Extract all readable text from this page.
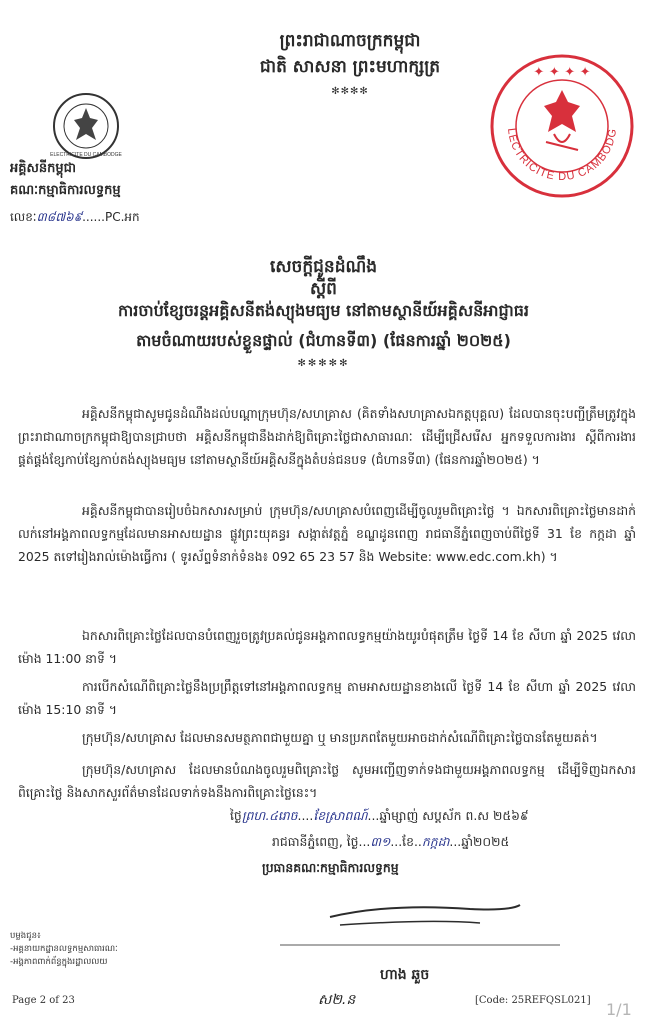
ព្រះរាជាណាចក្រកម្ពុជា
ជាតិ សាសនា ព្រះមហាក្សត្រ
✻✻✻✻
ELECTRICITE DU CAMBODGE
អគ្គិសនីកម្ពុជា
គណៈកម្មាធិការលទ្ធកម្ម
លេខៈ៣៨៧៦៩......PC.អក
LECTRICITE DU CAMBODG
✦ ✦ ✦ ✦
សេចក្តីជូនដំណឹង
ស្តីពី
ការចាប់ខ្សែចរន្តអគ្គិសនីតង់ស្យុងមធ្យម នៅតាមស្ថានីយ៍អគ្គិសនីអាជ្ញាធរ
តាមចំណាយរបស់ខ្លួនផ្ទាល់ (ជំហានទី៣) (ផែនការឆ្នាំ ២០២៥)
✻✻✻✻✻
អគ្គិសនីកម្ពុជាសូមជូនដំណឹងដល់បណ្តាក្រុមហ៊ុន/សហគ្រាស (គិតទាំងសហគ្រាសឯកត្តបុគ្គល) ដែលបានចុះបញ្ជីត្រឹមត្រូវក្នុងព្រះរាជាណាចក្រកម្ពុជាឱ្យបានជ្រាបថា អគ្គិសនីកម្ពុជានឹងដាក់ឱ្យពិគ្រោះថ្លៃជាសាធារណៈ ដើម្បីជ្រើសរើស អ្នកទទួលការងារ ស្តីពីការងារផ្គត់ផ្គង់ខ្សែកាប់ខ្សែកាប់តង់ស្យុងមធ្យម នៅតាមស្ថានីយ៍អគ្គិសនីក្នុងតំបន់ជនបទ (ជំហានទី៣) (ផែនការឆ្នាំ២០២៥) ។
អគ្គិសនីកម្ពុជាបានរៀបចំឯកសារសម្រាប់ ក្រុមហ៊ុន/សហគ្រាសបំពេញដើម្បីចូលរួមពិគ្រោះថ្លៃ ។ ឯកសារពិគ្រោះថ្លៃមានដាក់លក់នៅអង្គភាពលទ្ធកម្មដែលមានអាសយដ្ឋាន ផ្លូវព្រះយុគន្ធរ សង្កាត់វត្តភ្នំ ខណ្ឌដូនពេញ រាជធានីភ្នំពេញចាប់ពីថ្ងៃទី 31 ខែ កក្កដា ឆ្នាំ 2025 តទៅរៀងរាល់ម៉ោងធ្វើការ ( ទូរស័ព្ទទំនាក់ទំនង៖ 092 65 23 57 និង Website: www.edc.com.kh) ។
ឯកសារពិគ្រោះថ្លៃដែលបានបំពេញរួចត្រូវប្រគល់ជូនអង្គភាពលទ្ធកម្មយ៉ាងយូរបំផុតត្រឹម ថ្ងៃទី 14 ខែ សីហា ឆ្នាំ 2025 វេលាម៉ោង 11:00 នាទី ។
ការបើកសំណើពិគ្រោះថ្លៃនឹងប្រព្រឹត្តទៅនៅអង្គភាពលទ្ធកម្ម តាមអាសយដ្ឋានខាងលើ ថ្ងៃទី 14 ខែ សីហា ឆ្នាំ 2025 វេលាម៉ោង 15:10 នាទី ។
ក្រុមហ៊ុន/សហគ្រាស ដែលមានសមត្ថភាពជាមួយគ្នា ឬ មានប្រភពតែមួយអាចដាក់សំណើពិគ្រោះថ្លៃបានតែមួយគត់។
ក្រុមហ៊ុន/សហគ្រាស ដែលមានបំណងចូលរួមពិគ្រោះថ្លៃ សូមអញ្ជើញទាក់ទងជាមួយអង្គភាពលទ្ធកម្ម ដើម្បីទិញឯកសារពិគ្រោះថ្លៃ និងសាកសួរព័ត៌មានដែលទាក់ទងនឹងការពិគ្រោះថ្លៃនេះ។
ថ្ងៃព្រហ.៤រោច....ខែស្រាពណ៍...ឆ្នាំម្សាញ់ សប្តស័ក ព.ស ២៥៦៩
រាជធានីភ្នំពេញ, ថ្ងៃ...៣១...ខែ..កក្កដា...ឆ្នាំ២០២៥
ប្រធានគណៈកម្មាធិការលទ្ធកម្ម
ហាង ឆួច
បម្លងជូន៖
-អគ្គនាយកដ្ឋានលទ្ធកម្មសាធារណៈ
-អង្គភាពពាក់ព័ន្ធក្នុងរដ្ឋាលលយ
Page 2 of 23	ស២.ន	[Code: 25REFQSL021] 1/1
